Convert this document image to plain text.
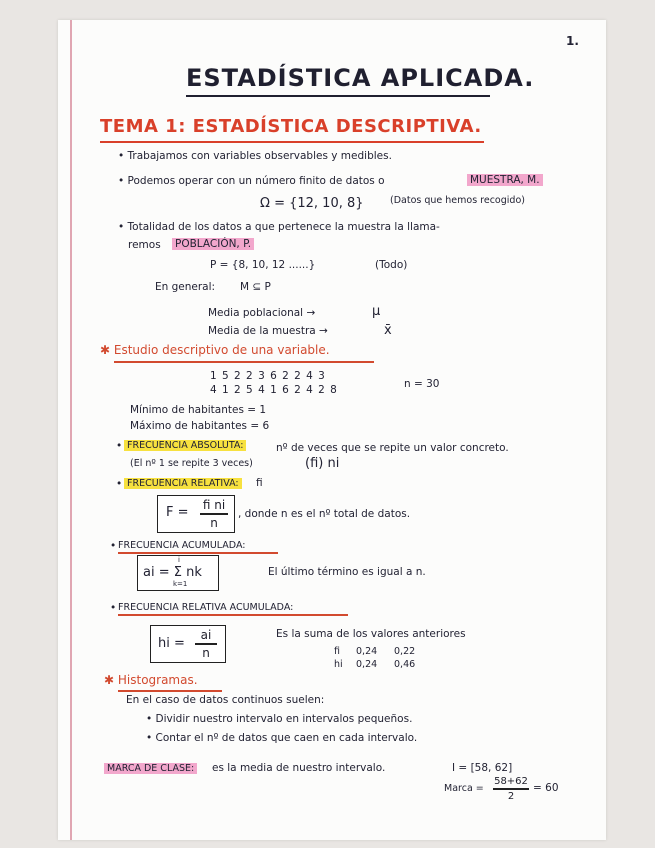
1.
ESTADÍSTICA APLICADA.
TEMA 1: ESTADÍSTICA DESCRIPTIVA.
• Trabajamos con variables observables y medibles.
• Podemos operar con un número finito de datos o	MUESTRA, M.
Ω = {12, 10, 8}	(Datos que hemos recogido)
• Totalidad de los datos a que pertenece la muestra la llama-
remos POBLACIÓN, P.
P = {8, 10, 12 ......}	(Todo)
En general: M ⊆ P
Media poblacional →	μ
Media de la muestra →	x̄
✱ Estudio descriptivo de una variable.
1 5 2 2 3 6 2 2 4 3
4 1 2 5 4 1 6 2 4 2 8	n = 30
Mínimo de habitantes = 1
Máximo de habitantes = 6
• FRECUENCIA ABSOLUTA:	nº de veces que se repite un valor concreto.
(El nº 1 se repite 3 veces)	(fi) ni
• FRECUENCIA RELATIVA: fi
F = fi ni
n
, donde n es el nº total de datos.
• FRECUENCIA ACUMULADA:
i
ai = Σ nk
k=1
El último término es igual a n.
• FRECUENCIA RELATIVA ACUMULADA:
hi =
ai
n
Es la suma de los valores anteriores
fi 0,24 0,22
hi 0,24 0,46
✱ Histogramas.
En el caso de datos continuos suelen:
• Dividir nuestro intervalo en intervalos pequeños.
• Contar el nº de datos que caen en cada intervalo.
MARCA DE CLASE: es la media de nuestro intervalo.	I = [58, 62]
Marca =
58+62
2
= 60
